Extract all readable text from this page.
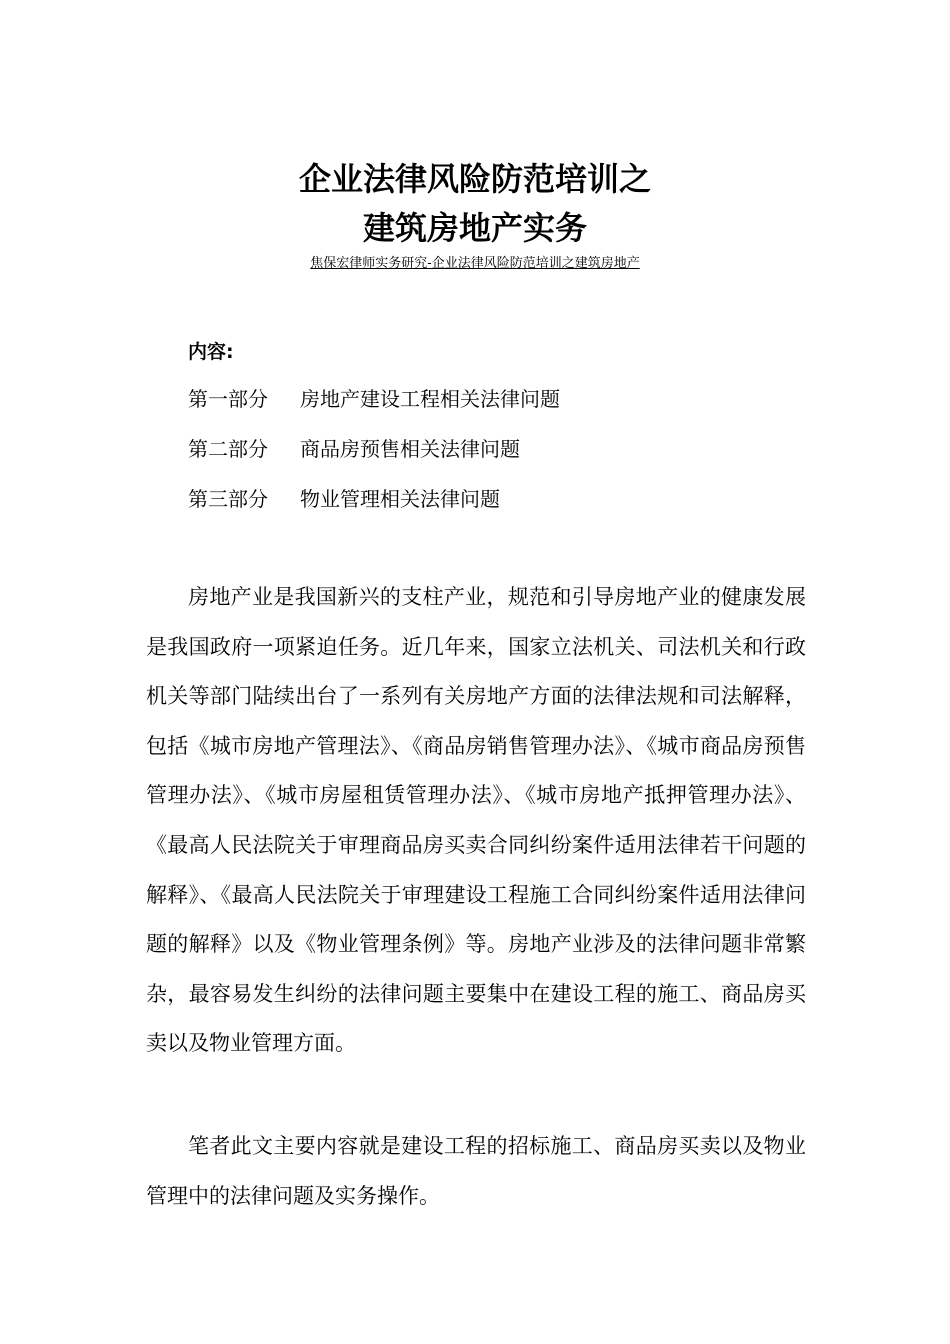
企业法律风险防范培训之
建筑房地产实务
焦保宏律师实务研究-企业法律风险防范培训之建筑房地产
内容:
第一部分 房地产建设工程相关法律问题
第二部分 商品房预售相关法律问题
第三部分 物业管理相关法律问题

房地产业是我国新兴的支柱产业，规范和引导房地产业的健康发展是我国政府一项紧迫任务。近几年来，国家立法机关、司法机关和行政机关等部门陆续出台了一系列有关房地产方面的法律法规和司法解释，包括《城市房地产管理法》、《商品房销售管理办法》、《城市商品房预售管理办法》、《城市房屋租赁管理办法》、《城市房地产抵押管理办法》、《最高人民法院关于审理商品房买卖合同纠纷案件适用法律若干问题的解释》、《最高人民法院关于审理建设工程施工合同纠纷案件适用法律问题的解释》以及《物业管理条例》等。房地产业涉及的法律问题非常繁杂，最容易发生纠纷的法律问题主要集中在建设工程的施工、商品房买卖以及物业管理方面。

笔者此文主要内容就是建设工程的招标施工、商品房买卖以及物业管理中的法律问题及实务操作。
